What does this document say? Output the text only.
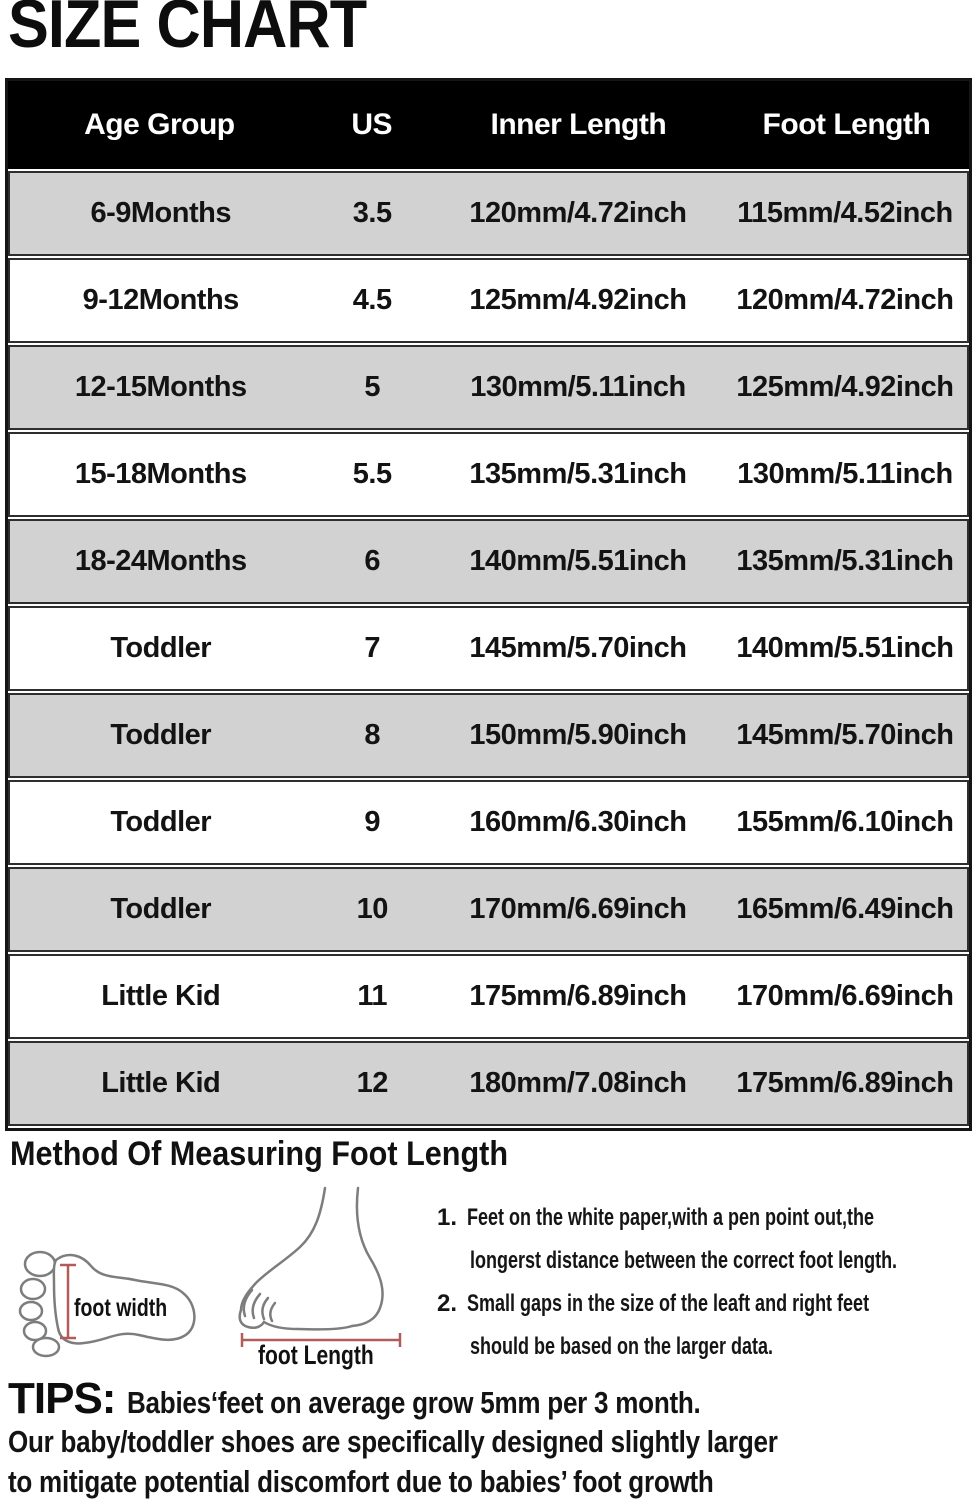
SIZE CHART
Age Group	US	Inner Length	Foot Length
6-9Months	3.5	120mm/4.72inch	115mm/4.52inch
9-12Months	4.5	125mm/4.92inch	120mm/4.72inch
12-15Months	5	130mm/5.11inch	125mm/4.92inch
15-18Months	5.5	135mm/5.31inch	130mm/5.11inch
18-24Months	6	140mm/5.51inch	135mm/5.31inch
Toddler	7	145mm/5.70inch	140mm/5.51inch
Toddler	8	150mm/5.90inch	145mm/5.70inch
Toddler	9	160mm/6.30inch	155mm/6.10inch
Toddler	10	170mm/6.69inch	165mm/6.49inch
Little Kid	11	175mm/6.89inch	170mm/6.69inch
Little Kid	12	180mm/7.08inch	175mm/6.89inch
Method Of Measuring Foot Length
foot width
foot Length
1. Feet on the white paper,with a pen point out,the
longerst distance between the correct foot length.
2. Small gaps in the size of the leaft and right feet
should be based on the larger data.
TIPS: Babies‘feet on average grow 5mm per 3 month.
Our baby/toddler shoes are specifically designed slightly larger
to mitigate potential discomfort due to babies’ foot growth
